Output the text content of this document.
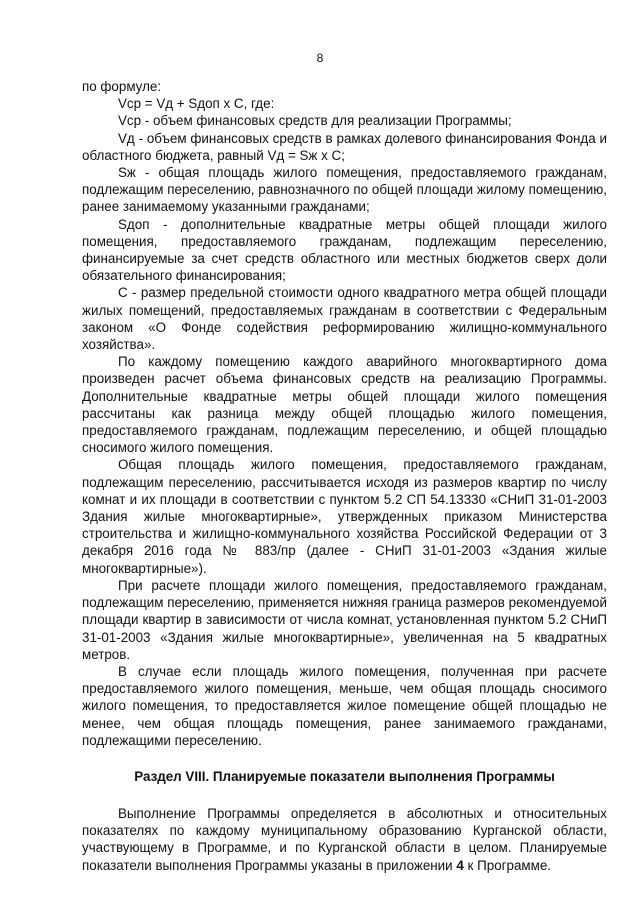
8

по формуле:

Vср = Vд + Sдоп х С, где:

Vср - объем финансовых средств для реализации Программы;

Vд - объем финансовых средств в рамках долевого финансирования Фонда и областного бюджета, равный Vд = Sж х С;

Sж - общая площадь жилого помещения, предоставляемого гражданам, подлежащим переселению, равнозначного по общей площади жилому помещению, ранее занимаемому указанными гражданами;

Sдоп - дополнительные квадратные метры общей площади жилого помещения, предоставляемого гражданам, подлежащим переселению, финансируемые за счет средств областного или местных бюджетов сверх доли обязательного финансирования;

С - размер предельной стоимости одного квадратного метра общей площади жилых помещений, предоставляемых гражданам в соответствии с Федеральным законом «О Фонде содействия реформированию жилищно-коммунального хозяйства».

По каждому помещению каждого аварийного многоквартирного дома произведен расчет объема финансовых средств на реализацию Программы. Дополнительные квадратные метры общей площади жилого помещения рассчитаны как разница между общей площадью жилого помещения, предоставляемого гражданам, подлежащим переселению, и общей площадью сносимого жилого помещения.

Общая площадь жилого помещения, предоставляемого гражданам, подлежащим переселению, рассчитывается исходя из размеров квартир по числу комнат и их площади в соответствии с пунктом 5.2 СП 54.13330 «СНиП 31-01-2003 Здания жилые многоквартирные», утвержденных приказом Министерства строительства и жилищно-коммунального хозяйства Российской Федерации от 3 декабря 2016 года № 883/пр (далее - СНиП 31-01-2003 «Здания жилые многоквартирные»).

При расчете площади жилого помещения, предоставляемого гражданам, подлежащим переселению, применяется нижняя граница размеров рекомендуемой площади квартир в зависимости от числа комнат, установленная пунктом 5.2 СНиП 31-01-2003 «Здания жилые многоквартирные», увеличенная на 5 квадратных метров.

В случае если площадь жилого помещения, полученная при расчете предоставляемого жилого помещения, меньше, чем общая площадь сносимого жилого помещения, то предоставляется жилое помещение общей площадью не менее, чем общая площадь помещения, ранее занимаемого гражданами, подлежащими переселению.

Раздел VIII. Планируемые показатели выполнения Программы

Выполнение Программы определяется в абсолютных и относительных показателях по каждому муниципальному образованию Курганской области, участвующему в Программе, и по Курганской области в целом. Планируемые показатели выполнения Программы указаны в приложении 4 к Программе.
